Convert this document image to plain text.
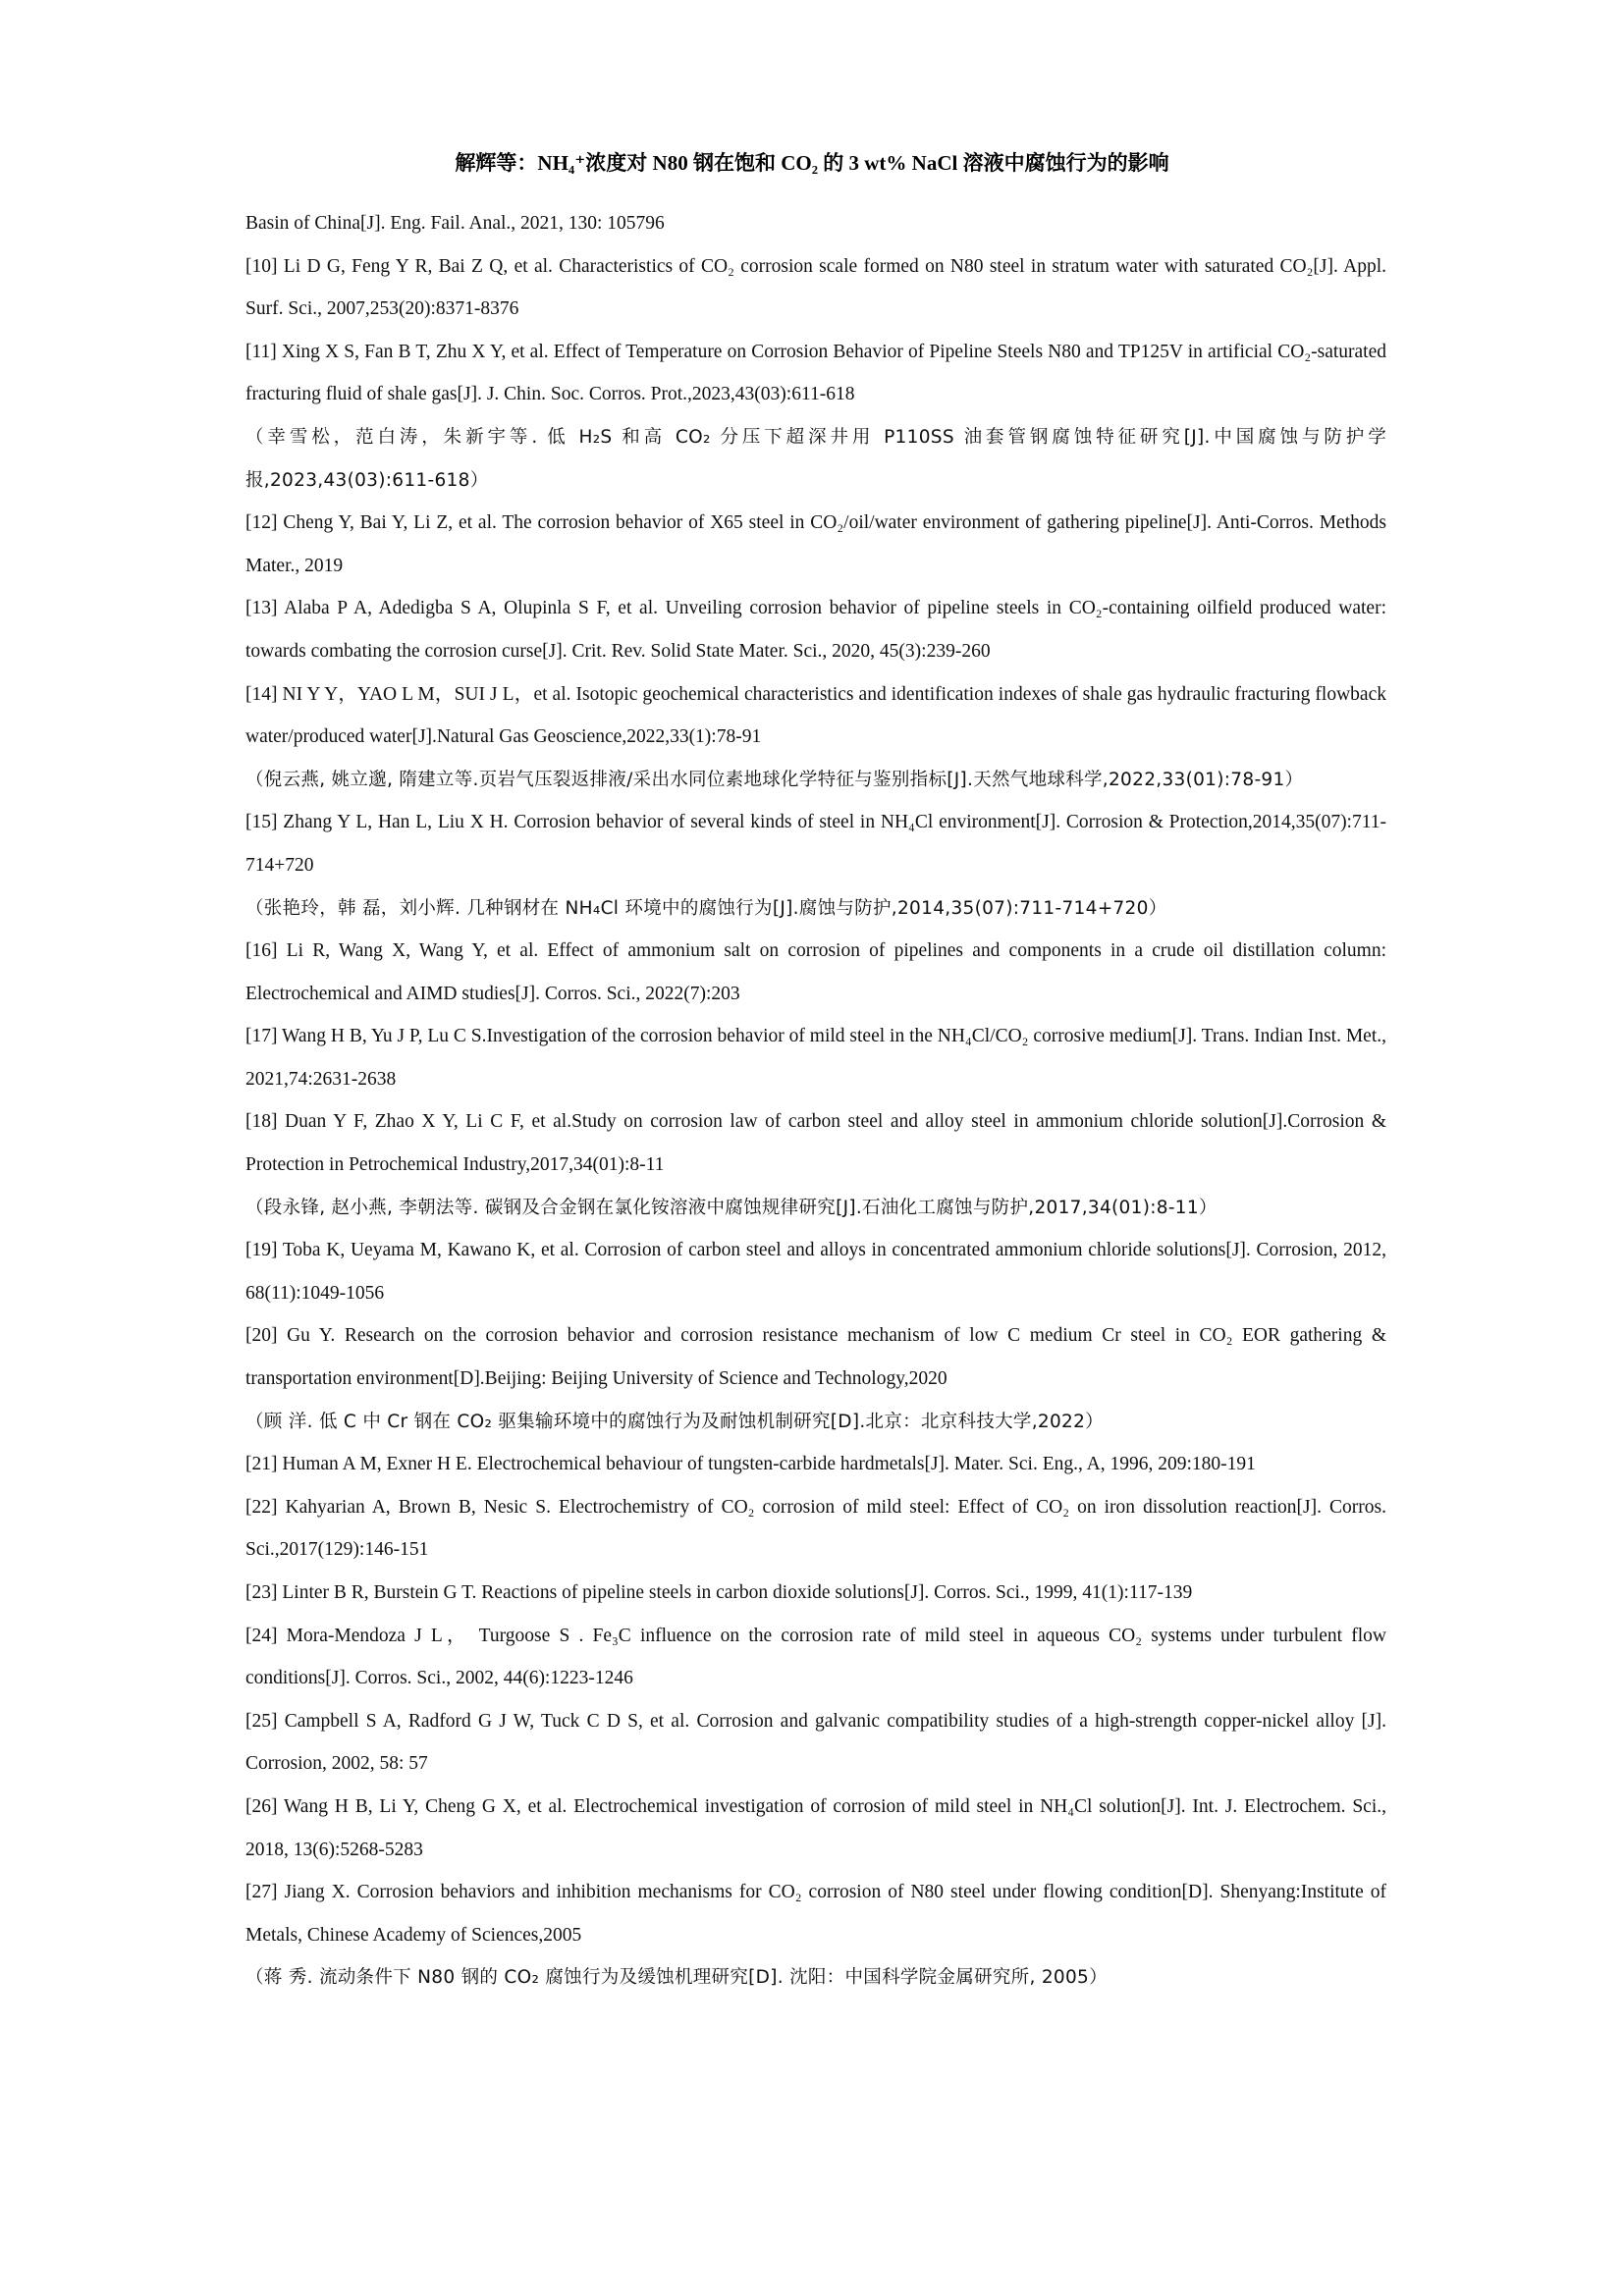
解辉等：NH₄⁺浓度对 N80 钢在饱和 CO₂ 的 3 wt% NaCl 溶液中腐蚀行为的影响

Basin of China[J]. Eng. Fail. Anal., 2021, 130: 105796

[10] Li D G, Feng Y R, Bai Z Q, et al. Characteristics of CO₂ corrosion scale formed on N80 steel in stratum water with saturated CO₂[J]. Appl. Surf. Sci., 2007,253(20):8371-8376

[11] Xing X S, Fan B T, Zhu X Y, et al. Effect of Temperature on Corrosion Behavior of Pipeline Steels N80 and TP125V in artificial CO₂-saturated fracturing fluid of shale gas[J]. J. Chin. Soc. Corros. Prot.,2023,43(03):611-618

（幸雪松，范白涛，朱新宇等. 低 H₂S 和高 CO₂ 分压下超深井用 P110SS 油套管钢腐蚀特征研究[J].中国腐蚀与防护学报,2023,43(03):611-618）

[12] Cheng Y, Bai Y, Li Z, et al. The corrosion behavior of X65 steel in CO₂/oil/water environment of gathering pipeline[J]. Anti-Corros. Methods Mater., 2019

[13] Alaba P A, Adedigba S A, Olupinla S F, et al. Unveiling corrosion behavior of pipeline steels in CO₂-containing oilfield produced water: towards combating the corrosion curse[J]. Crit. Rev. Solid State Mater. Sci., 2020, 45(3):239-260

[14] NI Y Y，YAO L M，SUI J L，et al. Isotopic geochemical characteristics and identification indexes of shale gas hydraulic fracturing flowback water/produced water[J].Natural Gas Geoscience,2022,33(1):78-91

（倪云燕, 姚立邈, 隋建立等.页岩气压裂返排液/采出水同位素地球化学特征与鉴别指标[J].天然气地球科学,2022,33(01):78-91）

[15] Zhang Y L, Han L, Liu X H. Corrosion behavior of several kinds of steel in NH₄Cl environment[J]. Corrosion & Protection,2014,35(07):711-714+720

（张艳玲，韩 磊，刘小辉. 几种钢材在 NH₄Cl 环境中的腐蚀行为[J].腐蚀与防护,2014,35(07):711-714+720）

[16] Li R, Wang X, Wang Y, et al. Effect of ammonium salt on corrosion of pipelines and components in a crude oil distillation column: Electrochemical and AIMD studies[J]. Corros. Sci., 2022(7):203

[17] Wang H B, Yu J P, Lu C S.Investigation of the corrosion behavior of mild steel in the NH₄Cl/CO₂ corrosive medium[J]. Trans. Indian Inst. Met., 2021,74:2631-2638

[18] Duan Y F, Zhao X Y, Li C F, et al.Study on corrosion law of carbon steel and alloy steel in ammonium chloride solution[J].Corrosion & Protection in Petrochemical Industry,2017,34(01):8-11

（段永锋, 赵小燕, 李朝法等. 碳钢及合金钢在氯化铵溶液中腐蚀规律研究[J].石油化工腐蚀与防护,2017,34(01):8-11）

[19] Toba K, Ueyama M, Kawano K, et al. Corrosion of carbon steel and alloys in concentrated ammonium chloride solutions[J]. Corrosion, 2012, 68(11):1049-1056

[20] Gu Y. Research on the corrosion behavior and corrosion resistance mechanism of low C medium Cr steel in CO₂ EOR gathering & transportation environment[D].Beijing: Beijing University of Science and Technology,2020

（顾 洋. 低 C 中 Cr 钢在 CO₂ 驱集输环境中的腐蚀行为及耐蚀机制研究[D].北京：北京科技大学,2022）

[21] Human A M, Exner H E. Electrochemical behaviour of tungsten-carbide hardmetals[J]. Mater. Sci. Eng., A, 1996, 209:180-191

[22] Kahyarian A, Brown B, Nesic S. Electrochemistry of CO₂ corrosion of mild steel: Effect of CO₂ on iron dissolution reaction[J]. Corros. Sci.,2017(129):146-151

[23] Linter B R, Burstein G T. Reactions of pipeline steels in carbon dioxide solutions[J]. Corros. Sci., 1999, 41(1):117-139

[24] Mora-Mendoza J L， Turgoose S . Fe₃C influence on the corrosion rate of mild steel in aqueous CO₂ systems under turbulent flow conditions[J]. Corros. Sci., 2002, 44(6):1223-1246

[25] Campbell S A, Radford G J W, Tuck C D S, et al. Corrosion and galvanic compatibility studies of a high-strength copper-nickel alloy [J]. Corrosion, 2002, 58: 57

[26] Wang H B, Li Y, Cheng G X, et al. Electrochemical investigation of corrosion of mild steel in NH₄Cl solution[J]. Int. J. Electrochem. Sci., 2018, 13(6):5268-5283

[27] Jiang X. Corrosion behaviors and inhibition mechanisms for CO₂ corrosion of N80 steel under flowing condition[D]. Shenyang:Institute of Metals, Chinese Academy of Sciences,2005

（蒋 秀. 流动条件下 N80 钢的 CO₂ 腐蚀行为及缓蚀机理研究[D]. 沈阳：中国科学院金属研究所, 2005）
